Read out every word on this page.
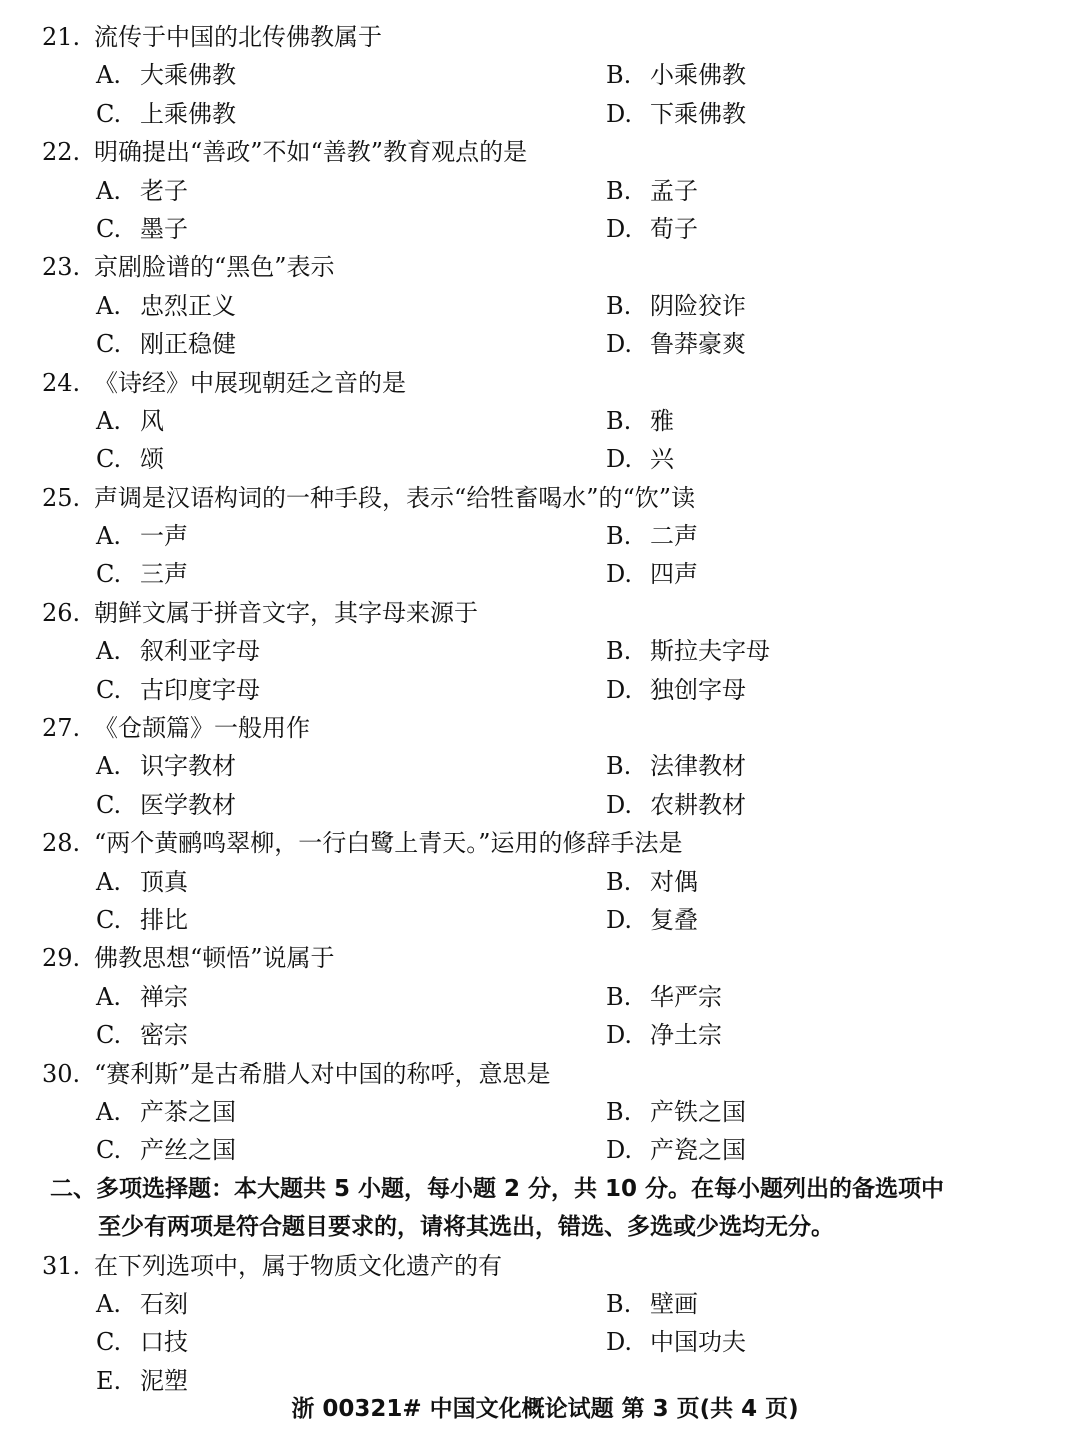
21. 流传于中国的北传佛教属于
A. 大乘佛教	B. 小乘佛教
C. 上乘佛教	D. 下乘佛教
22. 明确提出“善政”不如“善教”教育观点的是
A. 老子	B. 孟子
C. 墨子	D. 荀子
23. 京剧脸谱的“黑色”表示
A. 忠烈正义	B. 阴险狡诈
C. 刚正稳健	D. 鲁莽豪爽
24. 《诗经》中展现朝廷之音的是
A. 风	B. 雅
C. 颂	D. 兴
25. 声调是汉语构词的一种手段，表示“给牲畜喝水”的“饮”读
A. 一声	B. 二声
C. 三声	D. 四声
26. 朝鲜文属于拼音文字，其字母来源于
A. 叙利亚字母	B. 斯拉夫字母
C. 古印度字母	D. 独创字母
27. 《仓颉篇》一般用作
A. 识字教材	B. 法律教材
C. 医学教材	D. 农耕教材
28. “两个黄鹂鸣翠柳，一行白鹭上青天。”运用的修辞手法是
A. 顶真	B. 对偶
C. 排比	D. 复叠
29. 佛教思想“顿悟”说属于
A. 禅宗	B. 华严宗
C. 密宗	D. 净土宗
30. “赛利斯”是古希腊人对中国的称呼，意思是
A. 产茶之国	B. 产铁之国
C. 产丝之国	D. 产瓷之国
二、多项选择题：本大题共 5 小题，每小题 2 分，共 10 分。在每小题列出的备选项中
至少有两项是符合题目要求的，请将其选出，错选、多选或少选均无分。
31. 在下列选项中，属于物质文化遗产的有
A. 石刻	B. 壁画
C. 口技	D. 中国功夫
E. 泥塑
浙 00321# 中国文化概论试题 第 3 页(共 4 页)
